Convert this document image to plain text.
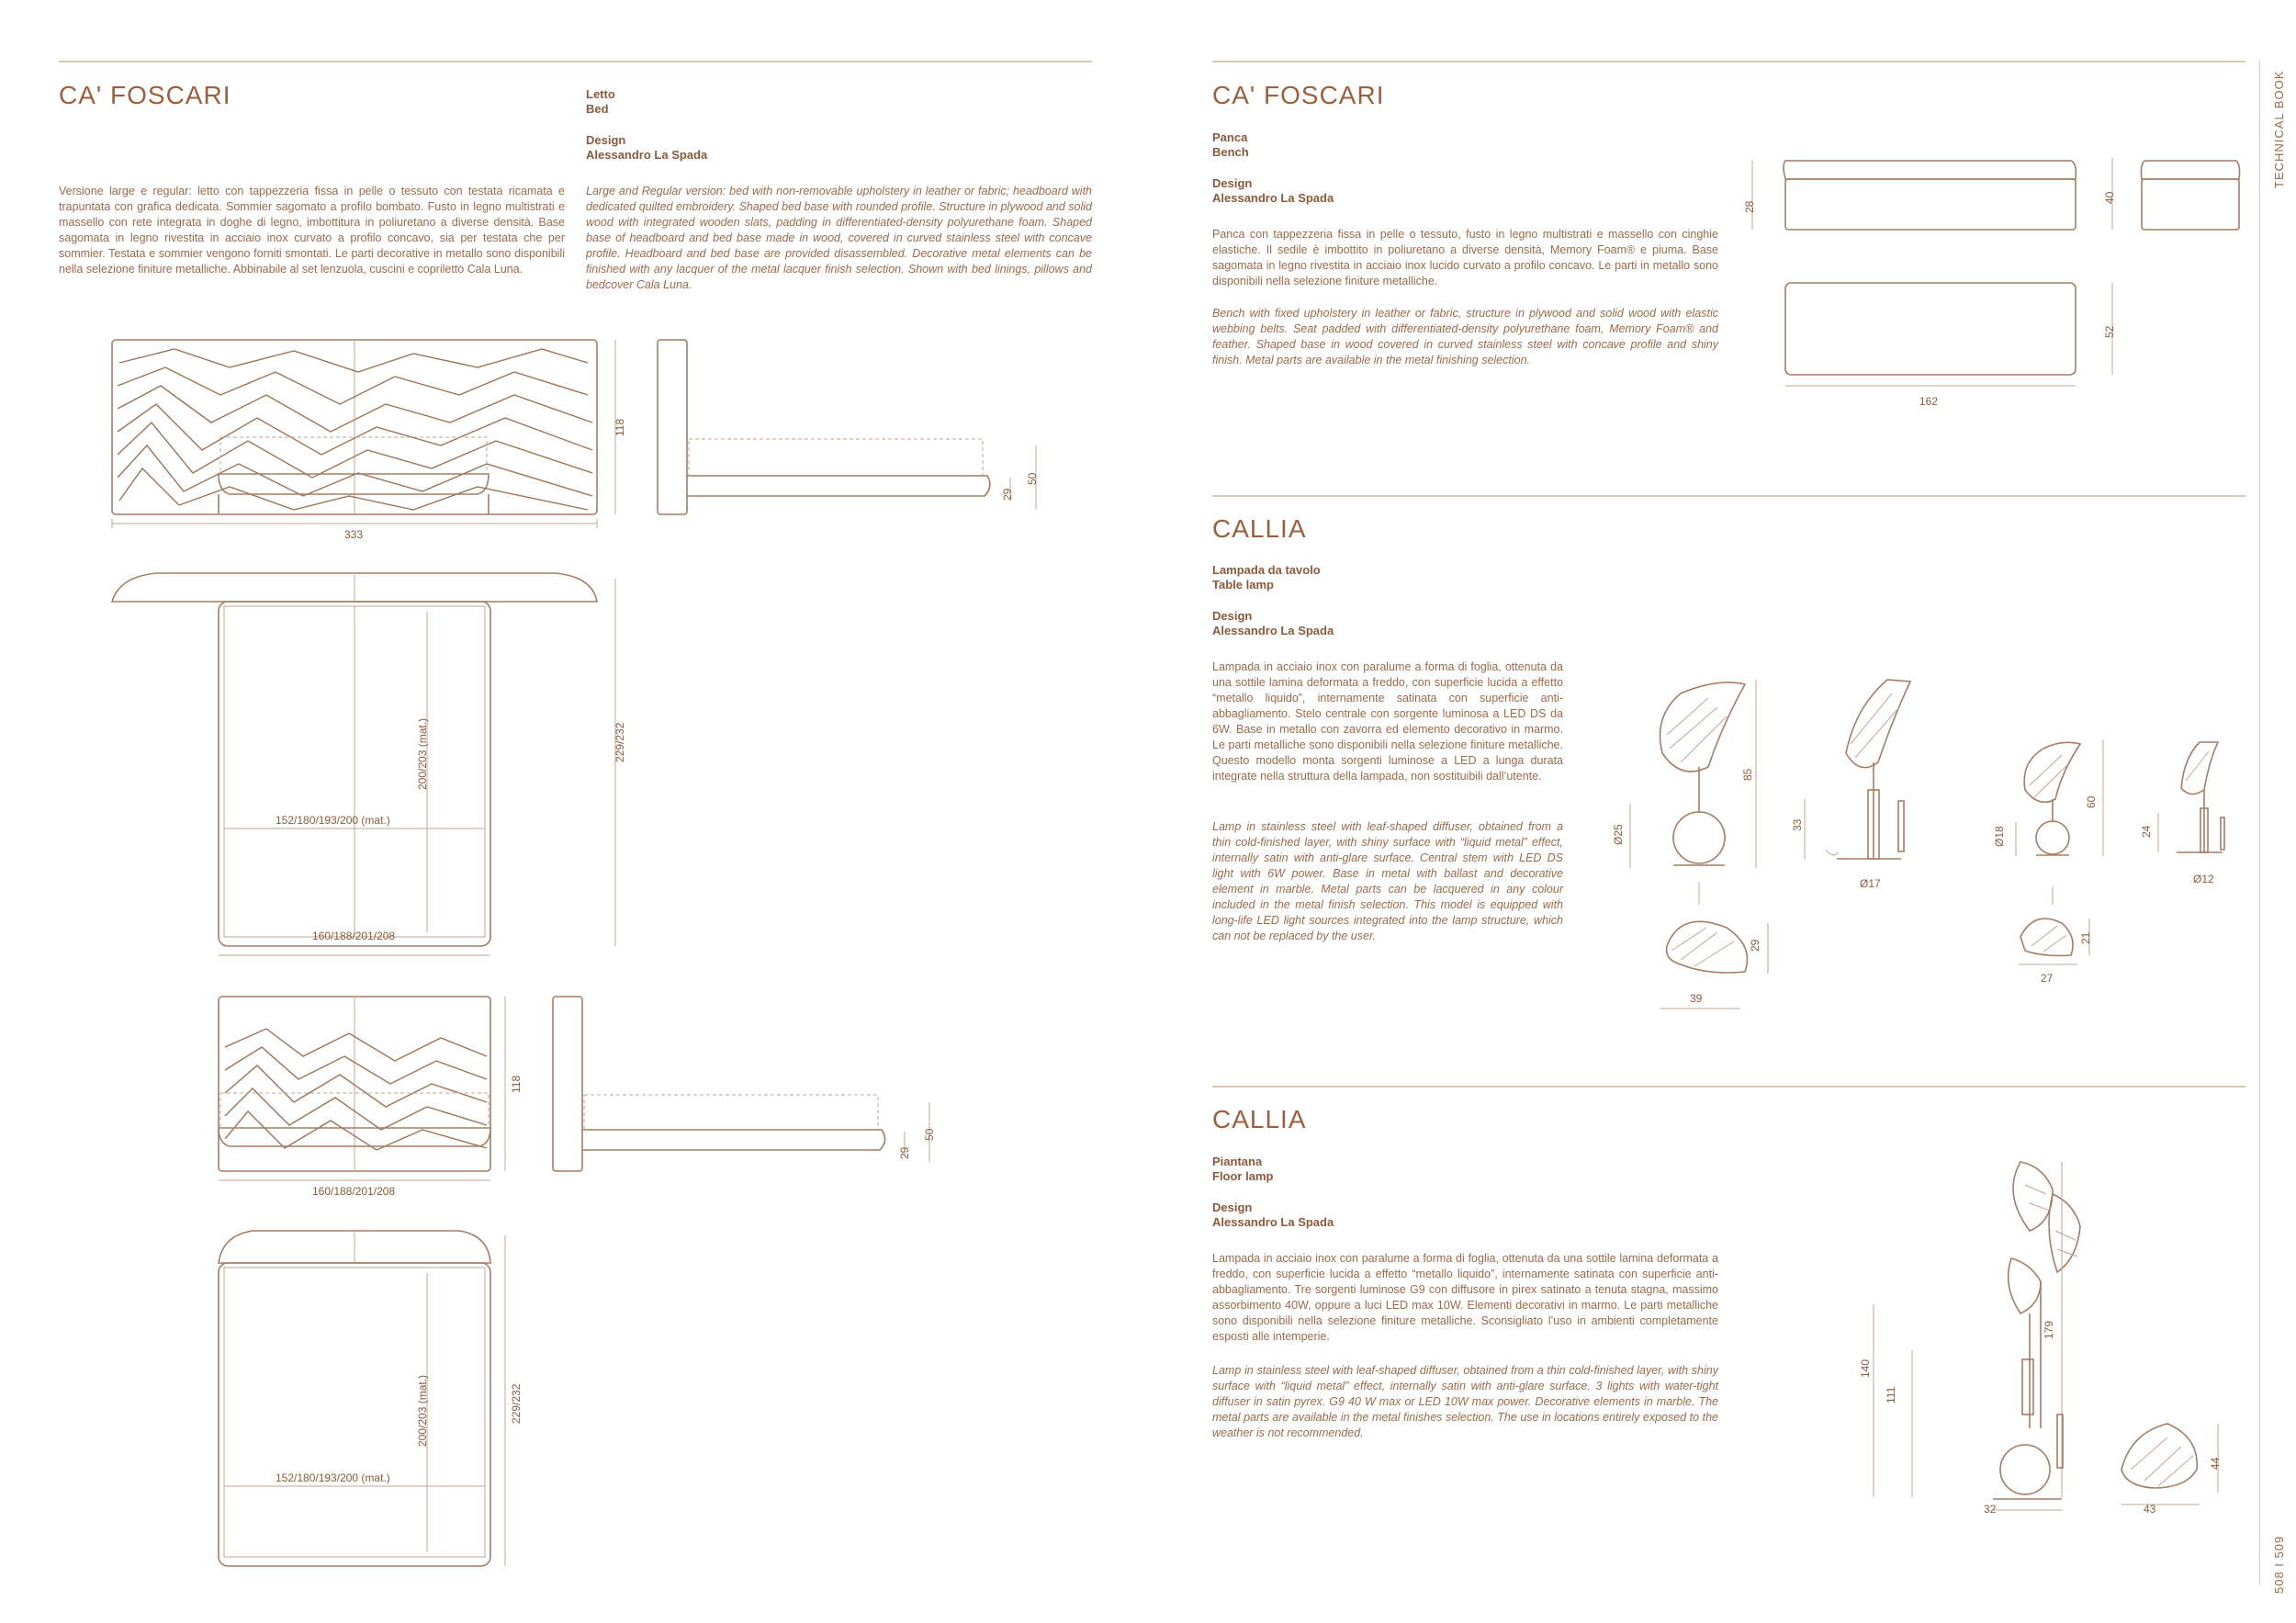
CA' FOSCARI	Letto
Bed
Design
Alessandro La Spada
Versione large e regular: letto con tappezzeria fissa in pelle o tessuto con testata ricamata e trapuntata con grafica dedicata. Sommier sagomato a profilo bombato. Fusto in legno multistrati e massello con rete integrata in doghe di legno, imbottitura in poliuretano a diverse densità. Base sagomata in legno rivestita in acciaio inox curvato a profilo concavo, sia per testata che per sommier. Testata e sommier vengono forniti smontati. Le parti decorative in metallo sono disponibili nella selezione finiture metalliche. Abbinabile al set lenzuola, cuscini e copriletto Cala Luna.
Large and Regular version: bed with non-removable upholstery in leather or fabric; headboard with dedicated quilted embroidery. Shaped bed base with rounded profile. Structure in plywood and solid wood with integrated wooden slats, padding in differentiated-density polyurethane foam. Shaped base of headboard and bed base made in wood, covered in curved stainless steel with concave profile. Headboard and bed base are provided disassembled. Decorative metal elements can be finished with any lacquer of the metal lacquer finish selection. Shown with bed linings, pillows and bedcover Cala Luna.
333
118
29
50
200/203 (mat.)
152/180/193/200 (mat.)
229/232
160/188/201/208
118
29
50
160/188/201/208
200/203 (mat.)
152/180/193/200 (mat.)
229/232
TECHNICAL BOOK
508 I 509
CA' FOSCARI
Panca
Bench
Design
Alessandro La Spada
Panca con tappezzeria fissa in pelle o tessuto, fusto in legno multistrati e massello con cinghie elastiche. Il sedile è imbottito in poliuretano a diverse densità, Memory Foam® e piuma. Base sagomata in legno rivestita in acciaio inox lucido curvato a profilo concavo. Le parti in metallo sono disponibili nella selezione finiture metalliche.
Bench with fixed upholstery in leather or fabric, structure in plywood and solid wood with elastic webbing belts. Seat padded with differentiated-density polyurethane foam, Memory Foam® and feather. Shaped base in wood covered in curved stainless steel with concave profile and shiny finish. Metal parts are available in the metal finishing selection.
28
40
52
162
CALLIA
Lampada da tavolo
Table lamp
Design
Alessandro La Spada
Lampada in acciaio inox con paralume a forma di foglia, ottenuta da una sottile lamina deformata a freddo, con superficie lucida a effetto “metallo liquido”, internamente satinata con superficie anti-abbagliamento. Stelo centrale con sorgente luminosa a LED DS da 6W. Base in metallo con zavorra ed elemento decorativo in marmo. Le parti metalliche sono disponibili nella selezione finiture metalliche. Questo modello monta sorgenti luminose a LED a lunga durata integrate nella struttura della lampada, non sostituibili dall’utente.
Lamp in stainless steel with leaf-shaped diffuser, obtained from a thin cold-finished layer, with shiny surface with “liquid metal” effect, internally satin with anti-glare surface. Central stem with LED DS light with 6W power. Base in metal with ballast and decorative element in marble. Metal parts can be lacquered in any colour included in the metal finish selection. This model is equipped with long-life LED light sources integrated into the lamp structure, which can not be replaced by the user.
Ø25
85
33
Ø17
Ø18
60
24
Ø12
29
39
21
27
CALLIA
Piantana
Floor lamp
Design
Alessandro La Spada
Lampada in acciaio inox con paralume a forma di foglia, ottenuta da una sottile lamina deformata a freddo, con superficie lucida a effetto “metallo liquido”, internamente satinata con superficie anti-abbagliamento. Tre sorgenti luminose G9 con diffusore in pirex satinato a tenuta stagna, massimo assorbimento 40W, oppure a luci LED max 10W. Elementi decorativi in marmo. Le parti metalliche sono disponibili nella selezione finiture metalliche. Sconsigliato l’uso in ambienti completamente esposti alle intemperie.
Lamp in stainless steel with leaf-shaped diffuser, obtained from a thin cold-finished layer, with shiny surface with “liquid metal” effect, internally satin with anti-glare surface. 3 lights with water-tight diffuser in satin pyrex. G9 40 W max or LED 10W max power. Decorative elements in marble. The metal parts are available in the metal finishes selection. The use in locations entirely exposed to the weather is not recommended.
140
111
179
32
44
43
